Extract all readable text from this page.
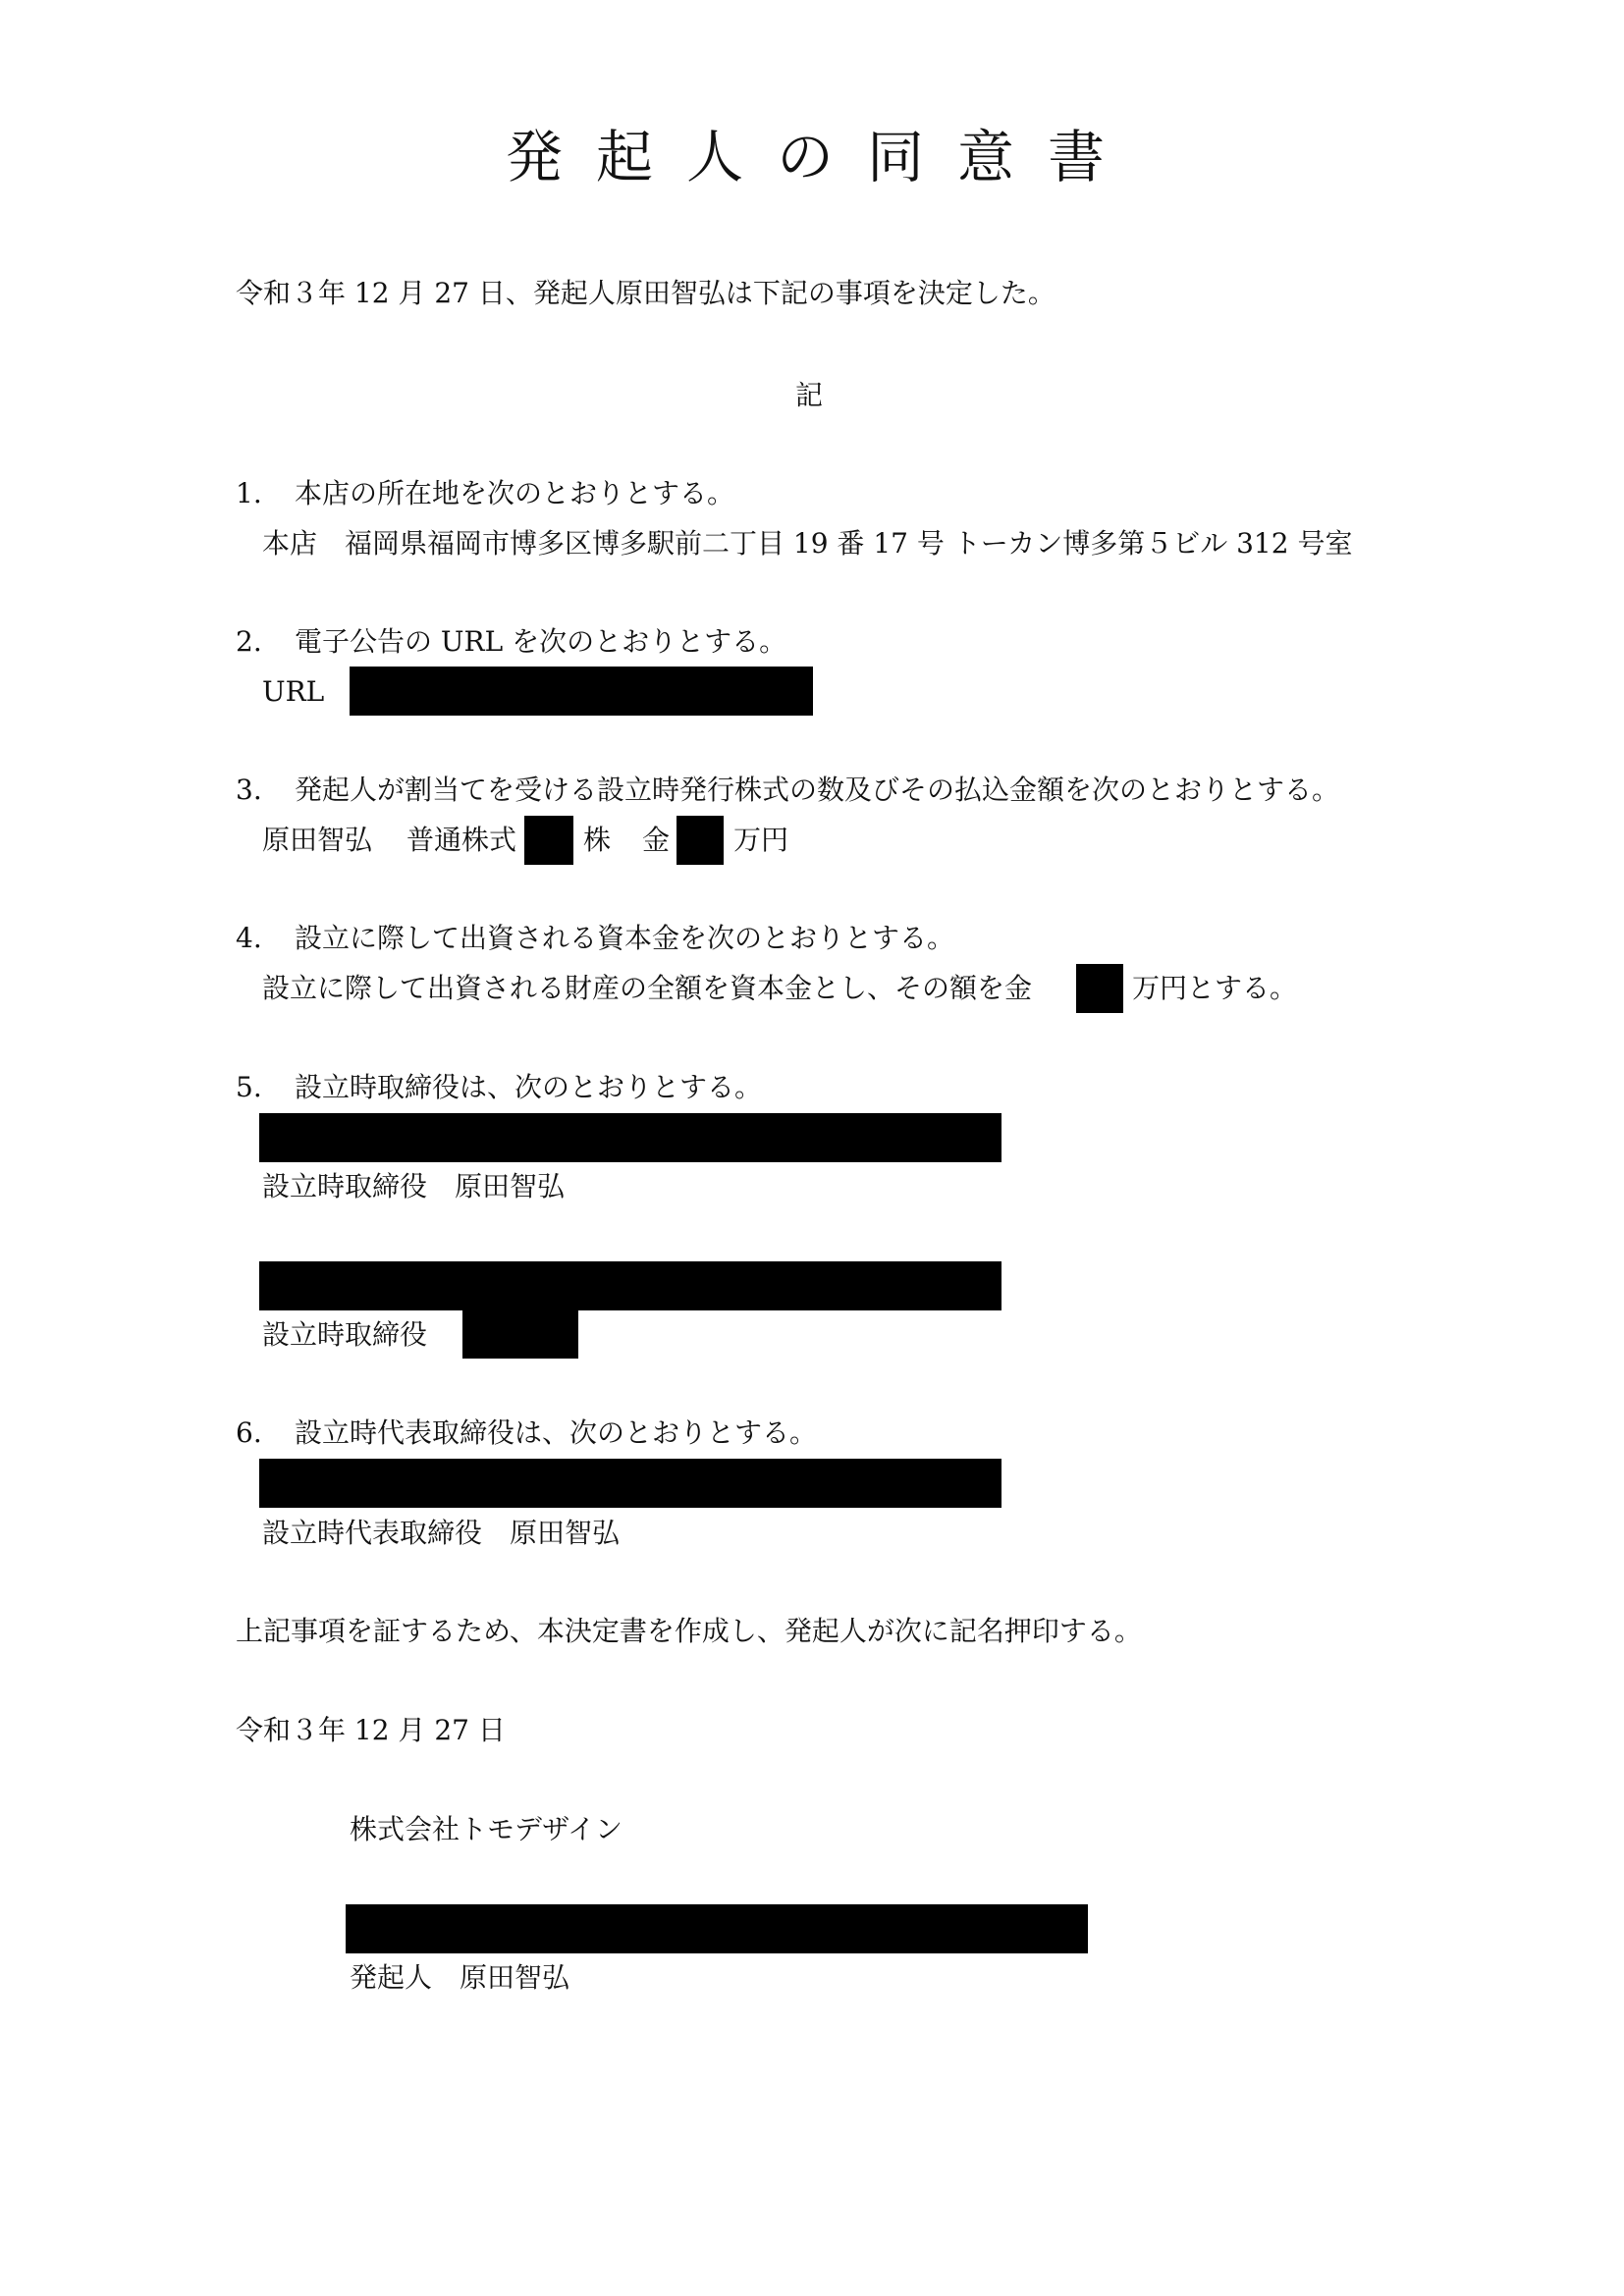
発起人の同意書
令和３年 12 月 27 日、発起人原田智弘は下記の事項を決定した。
記
1. 本店の所在地を次のとおりとする。
本店　福岡県福岡市博多区博多駅前二丁目 19 番 17 号 トーカン博多第５ビル 312 号室
2. 電子公告の URL を次のとおりとする。
URL
3. 発起人が割当てを受ける設立時発行株式の数及びその払込金額を次のとおりとする。
原田智弘 普通株式 株 金 万円
4. 設立に際して出資される資本金を次のとおりとする。
設立に際して出資される財産の全額を資本金とし、その額を金	万円とする。
5. 設立時取締役は、次のとおりとする。
設立時取締役　原田智弘
設立時取締役
6. 設立時代表取締役は、次のとおりとする。
設立時代表取締役　原田智弘
上記事項を証するため、本決定書を作成し、発起人が次に記名押印する。
令和３年 12 月 27 日
株式会社トモデザイン
発起人　原田智弘
